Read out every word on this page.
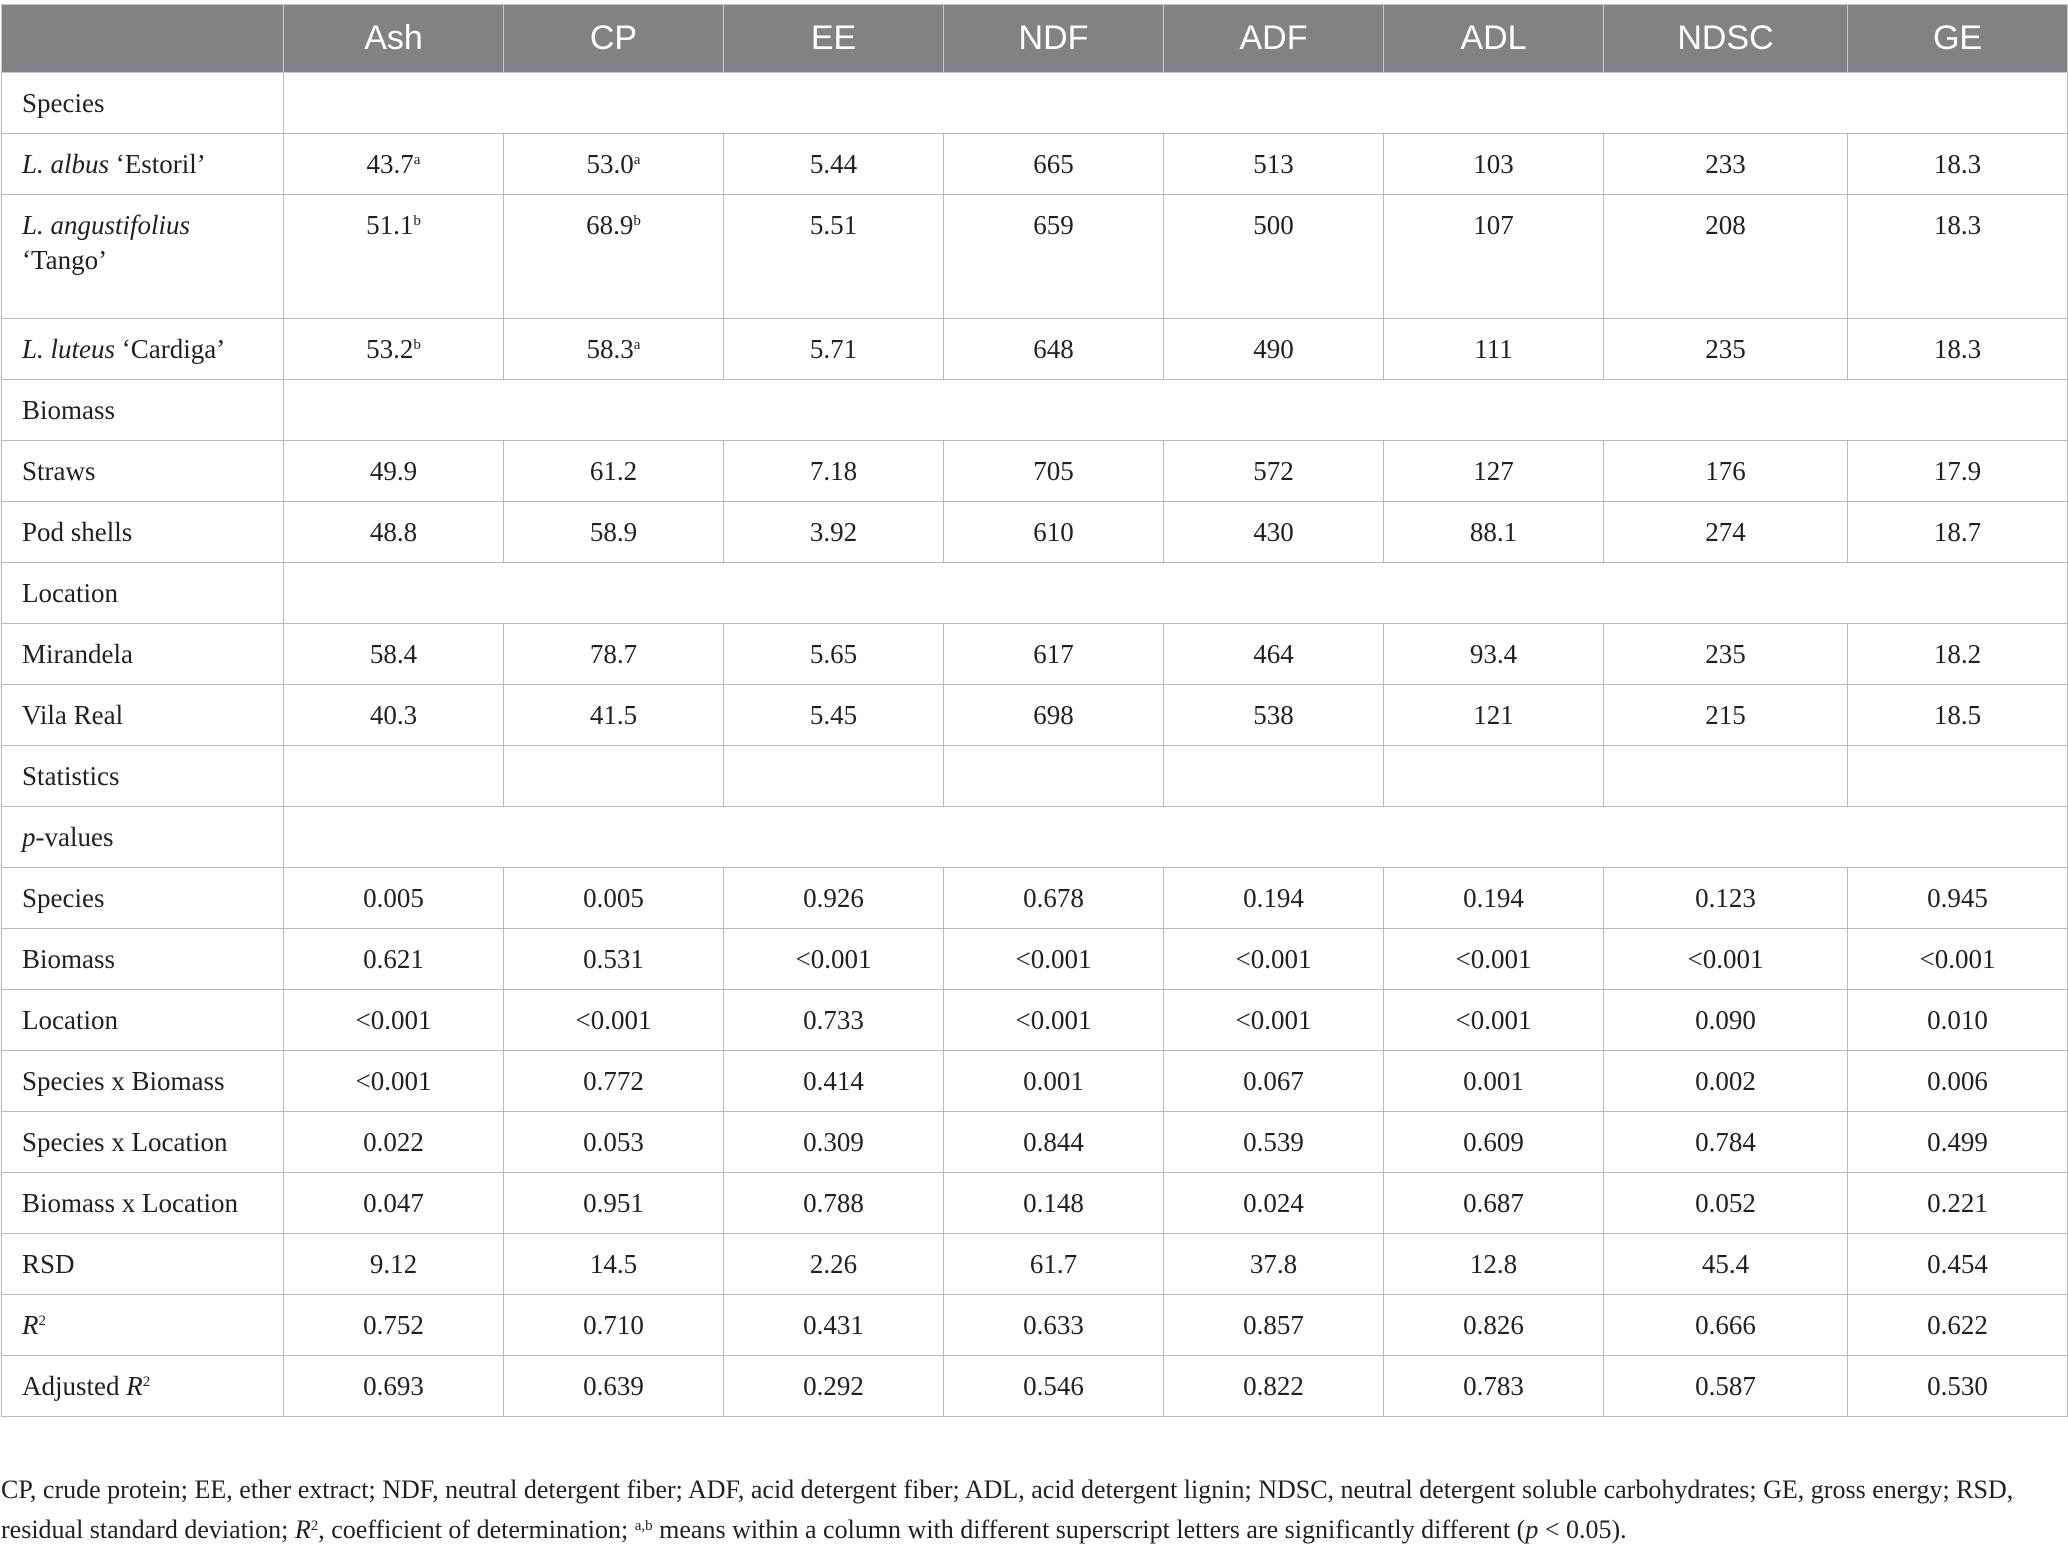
	Ash	CP	EE	NDF	ADF	ADL	NDSC	GE
Species								
L. albus ‘Estoril’	43.7$^a$	53.0$^a$	5.44	665	513	103	233	18.3
L. angustifolius
‘Tango’	51.1$^b$	68.9$^b$	5.51	659	500	107	208	18.3
L. luteus ‘Cardiga’	53.2$^b$	58.3$^a$	5.71	648	490	111	235	18.3
Biomass								
Straws	49.9	61.2	7.18	705	572	127	176	17.9
Pod shells	48.8	58.9	3.92	610	430	88.1	274	18.7
Location								
Mirandela	58.4	78.7	5.65	617	464	93.4	235	18.2
Vila Real	40.3	41.5	5.45	698	538	121	215	18.5
Statistics								
p-values								
Species	0.005	0.005	0.926	0.678	0.194	0.194	0.123	0.945
Biomass	0.621	0.531	<0.001	<0.001	<0.001	<0.001	<0.001	<0.001
Location	<0.001	<0.001	0.733	<0.001	<0.001	<0.001	0.090	0.010
Species x Biomass	<0.001	0.772	0.414	0.001	0.067	0.001	0.002	0.006
Species x Location	0.022	0.053	0.309	0.844	0.539	0.609	0.784	0.499
Biomass x Location	0.047	0.951	0.788	0.148	0.024	0.687	0.052	0.221
RSD	9.12	14.5	2.26	61.7	37.8	12.8	45.4	0.454
$R^2$	0.752	0.710	0.431	0.633	0.857	0.826	0.666	0.622
Adjusted $R^2$	0.693	0.639	0.292	0.546	0.822	0.783	0.587	0.530
CP, crude protein; EE, ether extract; NDF, neutral detergent fiber; ADF, acid detergent fiber; ADL, acid detergent lignin; NDSC, neutral detergent soluble carbohydrates; GE, gross energy; RSD, residual standard deviation; $R^2$, coefficient of determination; $^{a,b}$ means within a column with different superscript letters are significantly different (p < 0.05).
